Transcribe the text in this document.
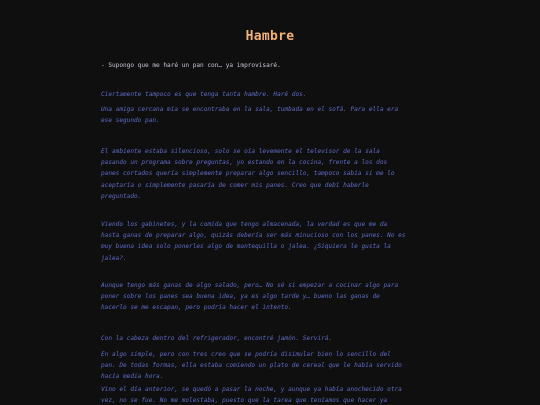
Hambre

- Supongo que me haré un pan con… ya improvisaré.

Ciertamente tampoco es que tenga tanta hambre. Haré dos.

Una amiga cercana mía se encontraba en la sala, tumbada en el sofá. Para ella era
ese segundo pan.

El ambiente estaba silencioso, solo se oía levemente el televisor de la sala
pasando un programa sobre preguntas, yo estando en la cocina, frente a los dos
panes cortados quería simplemente preparar algo sencillo, tampoco sabía si me lo
aceptaría o simplemente pasaría de comer mis panes. Creo que debí haberle
preguntado.

Viendo los gabinetes, y la comida que tengo almacenada, la verdad es que me da
hasta ganas de preparar algo, quizás debería ser más minucioso con los panes. No es
muy buena idea solo ponerles algo de mantequilla o jalea. ¿Siquiera le gusta la
jalea?.

Aunque tengo más ganas de algo salado, pero… No sé si empezar a cocinar algo para
poner sobre los panes sea buena idea, ya es algo tarde y… bueno las ganas de
hacerlo se me escapan, pero podría hacer el intento.

Con la cabeza dentro del refrigerador, encontré jamón. Servirá.

En algo simple, pero con tres creo que se podría disimular bien lo sencillo del
pan. De todas formas, ella estaba comiendo un plato de cereal que le había servido
hacía media hora.

Vino el día anterior, se quedó a pasar la noche, y aunque ya había anochecido otra
vez, no se fue. No me molestaba, puesto que la tarea que teníamos que hacer ya
